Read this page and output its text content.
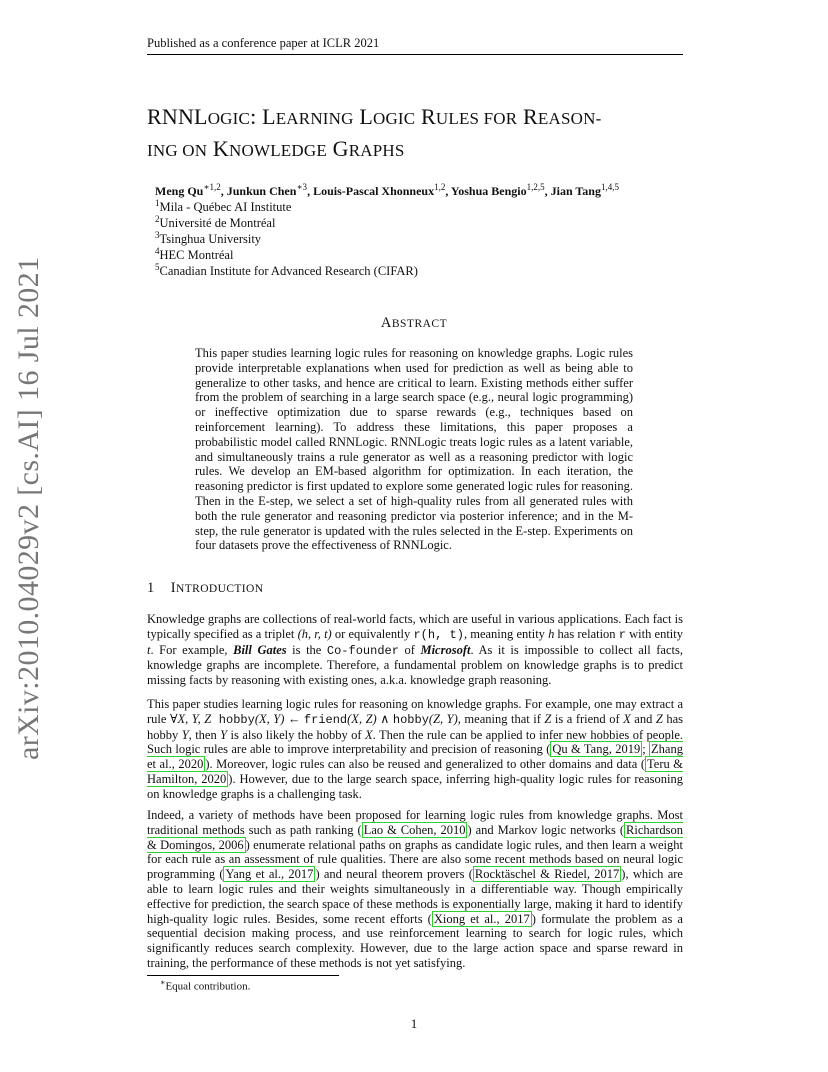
Published as a conference paper at ICLR 2021
RNNLOGIC: LEARNING LOGIC RULES FOR REASON-
ING ON KNOWLEDGE GRAPHS
Meng $Qu^{∗1,2}$, Junkun Chen$^{∗3}$, Louis-Pascal Xhonneux$^{1,2}$, Yoshua Bengio$^{1,2,5}$, Jian Tang$^{1,4,5}$
$^1$Mila - Québec AI Institute
$^2$Université de Montréal
$^3$Tsinghua University
$^4$HEC Montréal
$^5$Canadian Institute for Advanced Research (CIFAR)
arXiv:2010.04029v2 [cs.AI] 16 Jul 2021	ABSTRACT
This paper studies learning logic rules for reasoning on knowledge graphs. Logic rules provide interpretable explanations when used for prediction as well as being able to generalize to other tasks, and hence are critical to learn. Existing methods either suffer from the problem of searching in a large search space (e.g., neural logic programming) or ineffective optimization due to sparse rewards (e.g., techniques based on reinforcement learning). To address these limitations, this paper proposes a probabilistic model called RNNLogic. RNNLogic treats logic rules as a latent variable, and simultaneously trains a rule generator as well as a reasoning predictor with logic rules. We develop an EM-based algorithm for optimization. In each iteration, the reasoning predictor is first updated to explore some generated logic rules for reasoning. Then in the E-step, we select a set of high-quality rules from all generated rules with both the rule generator and reasoning predictor via posterior inference; and in the M-step, the rule generator is updated with the rules selected in the E-step. Experiments on four datasets prove the effectiveness of RNNLogic.
1 INTRODUCTION
Knowledge graphs are collections of real-world facts, which are useful in various applications. Each fact is typically specified as a triplet (h, r, t) or equivalently r(h, t), meaning entity h has relation r with entity t. For example, Bill Gates is the Co-founder of Microsoft. As it is impossible to collect all facts, knowledge graphs are incomplete. Therefore, a fundamental problem on knowledge graphs is to predict missing facts by reasoning with existing ones, a.k.a. knowledge graph reasoning.
This paper studies learning logic rules for reasoning on knowledge graphs. For example, one may extract a rule ∀X, Y, Z hobby(X, Y) ← friend(X, Z) ∧ hobby(Z, Y), meaning that if Z is a friend of X and Z has hobby Y, then Y is also likely the hobby of X. Then the rule can be applied to infer new hobbies of people. Such logic rules are able to improve interpretability and precision of reasoning ( Qu & Tang, 2019 ; Zhang et al., 2020 ). Moreover, logic rules can also be reused and generalized to other domains and data ( Teru & Hamilton, 2020 ). However, due to the large search space, inferring high-quality logic rules for reasoning on knowledge graphs is a challenging task.
Indeed, a variety of methods have been proposed for learning logic rules from knowledge graphs. Most traditional methods such as path ranking ( Lao & Cohen, 2010 ) and Markov logic networks ( Richardson & Domingos, 2006 ) enumerate relational paths on graphs as candidate logic rules, and then learn a weight for each rule as an assessment of rule qualities. There are also some recent methods based on neural logic programming ( Yang et al., 2017 ) and neural theorem provers ( Rocktäschel & Riedel, 2017 ), which are able to learn logic rules and their weights simultaneously in a differentiable way. Though empirically effective for prediction, the search space of these methods is exponentially large, making it hard to identify high-quality logic rules. Besides, some recent efforts ( Xiong et al., 2017 ) formulate the problem as a sequential decision making process, and use reinforcement learning to search for logic rules, which significantly reduces search complexity. However, due to the large action space and sparse reward in training, the performance of these methods is not yet satisfying.
∗Equal contribution.
1
